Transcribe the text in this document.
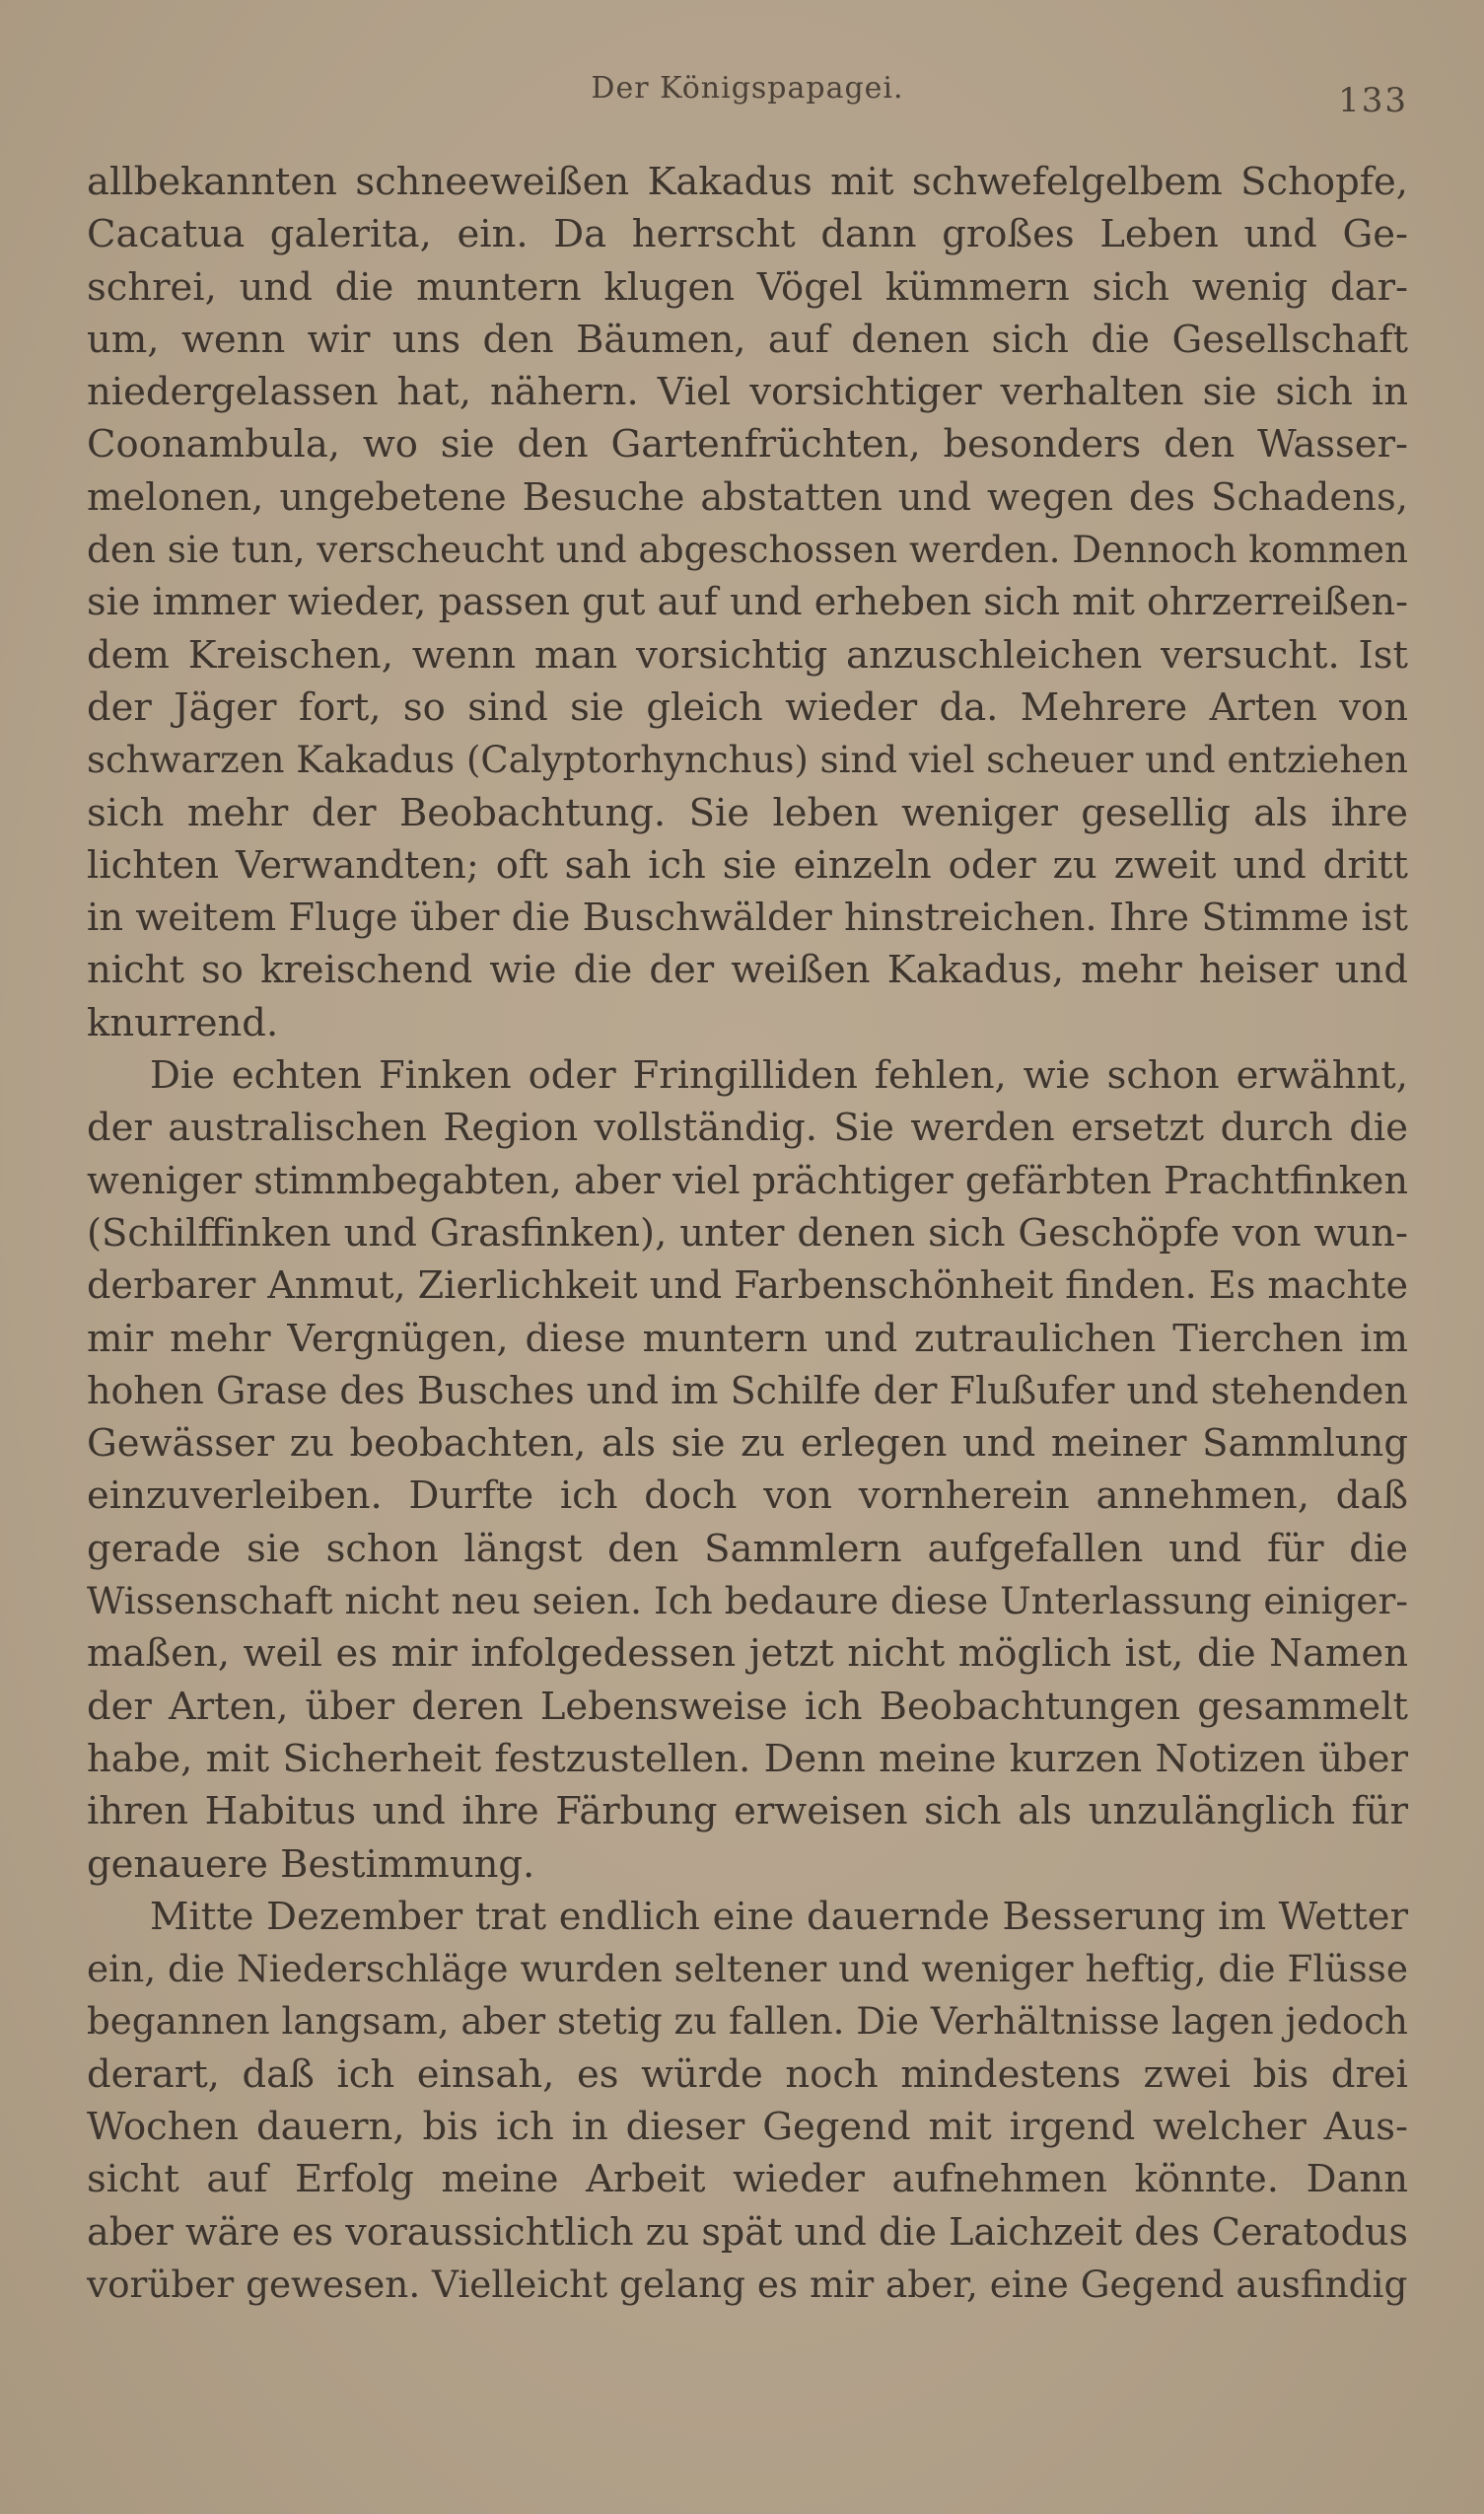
Der Königspapagei.	133

allbekannten schneeweißen Kakadus mit schwefelgelbem Schopfe,
Cacatua galerita, ein. Da herrscht dann großes Leben und Ge-
schrei, und die muntern klugen Vögel kümmern sich wenig dar-
um, wenn wir uns den Bäumen, auf denen sich die Gesellschaft
niedergelassen hat, nähern. Viel vorsichtiger verhalten sie sich in
Coonambula, wo sie den Gartenfrüchten, besonders den Wasser-
melonen, ungebetene Besuche abstatten und wegen des Schadens,
den sie tun, verscheucht und abgeschossen werden. Dennoch kommen
sie immer wieder, passen gut auf und erheben sich mit ohrzerreißen-
dem Kreischen, wenn man vorsichtig anzuschleichen versucht. Ist
der Jäger fort, so sind sie gleich wieder da. Mehrere Arten von
schwarzen Kakadus (Calyptorhynchus) sind viel scheuer und entziehen
sich mehr der Beobachtung. Sie leben weniger gesellig als ihre
lichten Verwandten; oft sah ich sie einzeln oder zu zweit und dritt
in weitem Fluge über die Buschwälder hinstreichen. Ihre Stimme ist
nicht so kreischend wie die der weißen Kakadus, mehr heiser und
knurrend.

Die echten Finken oder Fringilliden fehlen, wie schon erwähnt,
der australischen Region vollständig. Sie werden ersetzt durch die
weniger stimmbegabten, aber viel prächtiger gefärbten Prachtfinken
(Schilffinken und Grasfinken), unter denen sich Geschöpfe von wun-
derbarer Anmut, Zierlichkeit und Farbenschönheit finden. Es machte
mir mehr Vergnügen, diese muntern und zutraulichen Tierchen im
hohen Grase des Busches und im Schilfe der Flußufer und stehenden
Gewässer zu beobachten, als sie zu erlegen und meiner Sammlung
einzuverleiben. Durfte ich doch von vornherein annehmen, daß
gerade sie schon längst den Sammlern aufgefallen und für die
Wissenschaft nicht neu seien. Ich bedaure diese Unterlassung einiger-
maßen, weil es mir infolgedessen jetzt nicht möglich ist, die Namen
der Arten, über deren Lebensweise ich Beobachtungen gesammelt
habe, mit Sicherheit festzustellen. Denn meine kurzen Notizen über
ihren Habitus und ihre Färbung erweisen sich als unzulänglich für
genauere Bestimmung.

Mitte Dezember trat endlich eine dauernde Besserung im Wetter
ein, die Niederschläge wurden seltener und weniger heftig, die Flüsse
begannen langsam, aber stetig zu fallen. Die Verhältnisse lagen jedoch
derart, daß ich einsah, es würde noch mindestens zwei bis drei
Wochen dauern, bis ich in dieser Gegend mit irgend welcher Aus-
sicht auf Erfolg meine Arbeit wieder aufnehmen könnte. Dann
aber wäre es voraussichtlich zu spät und die Laichzeit des Ceratodus
vorüber gewesen. Vielleicht gelang es mir aber, eine Gegend ausfindig
